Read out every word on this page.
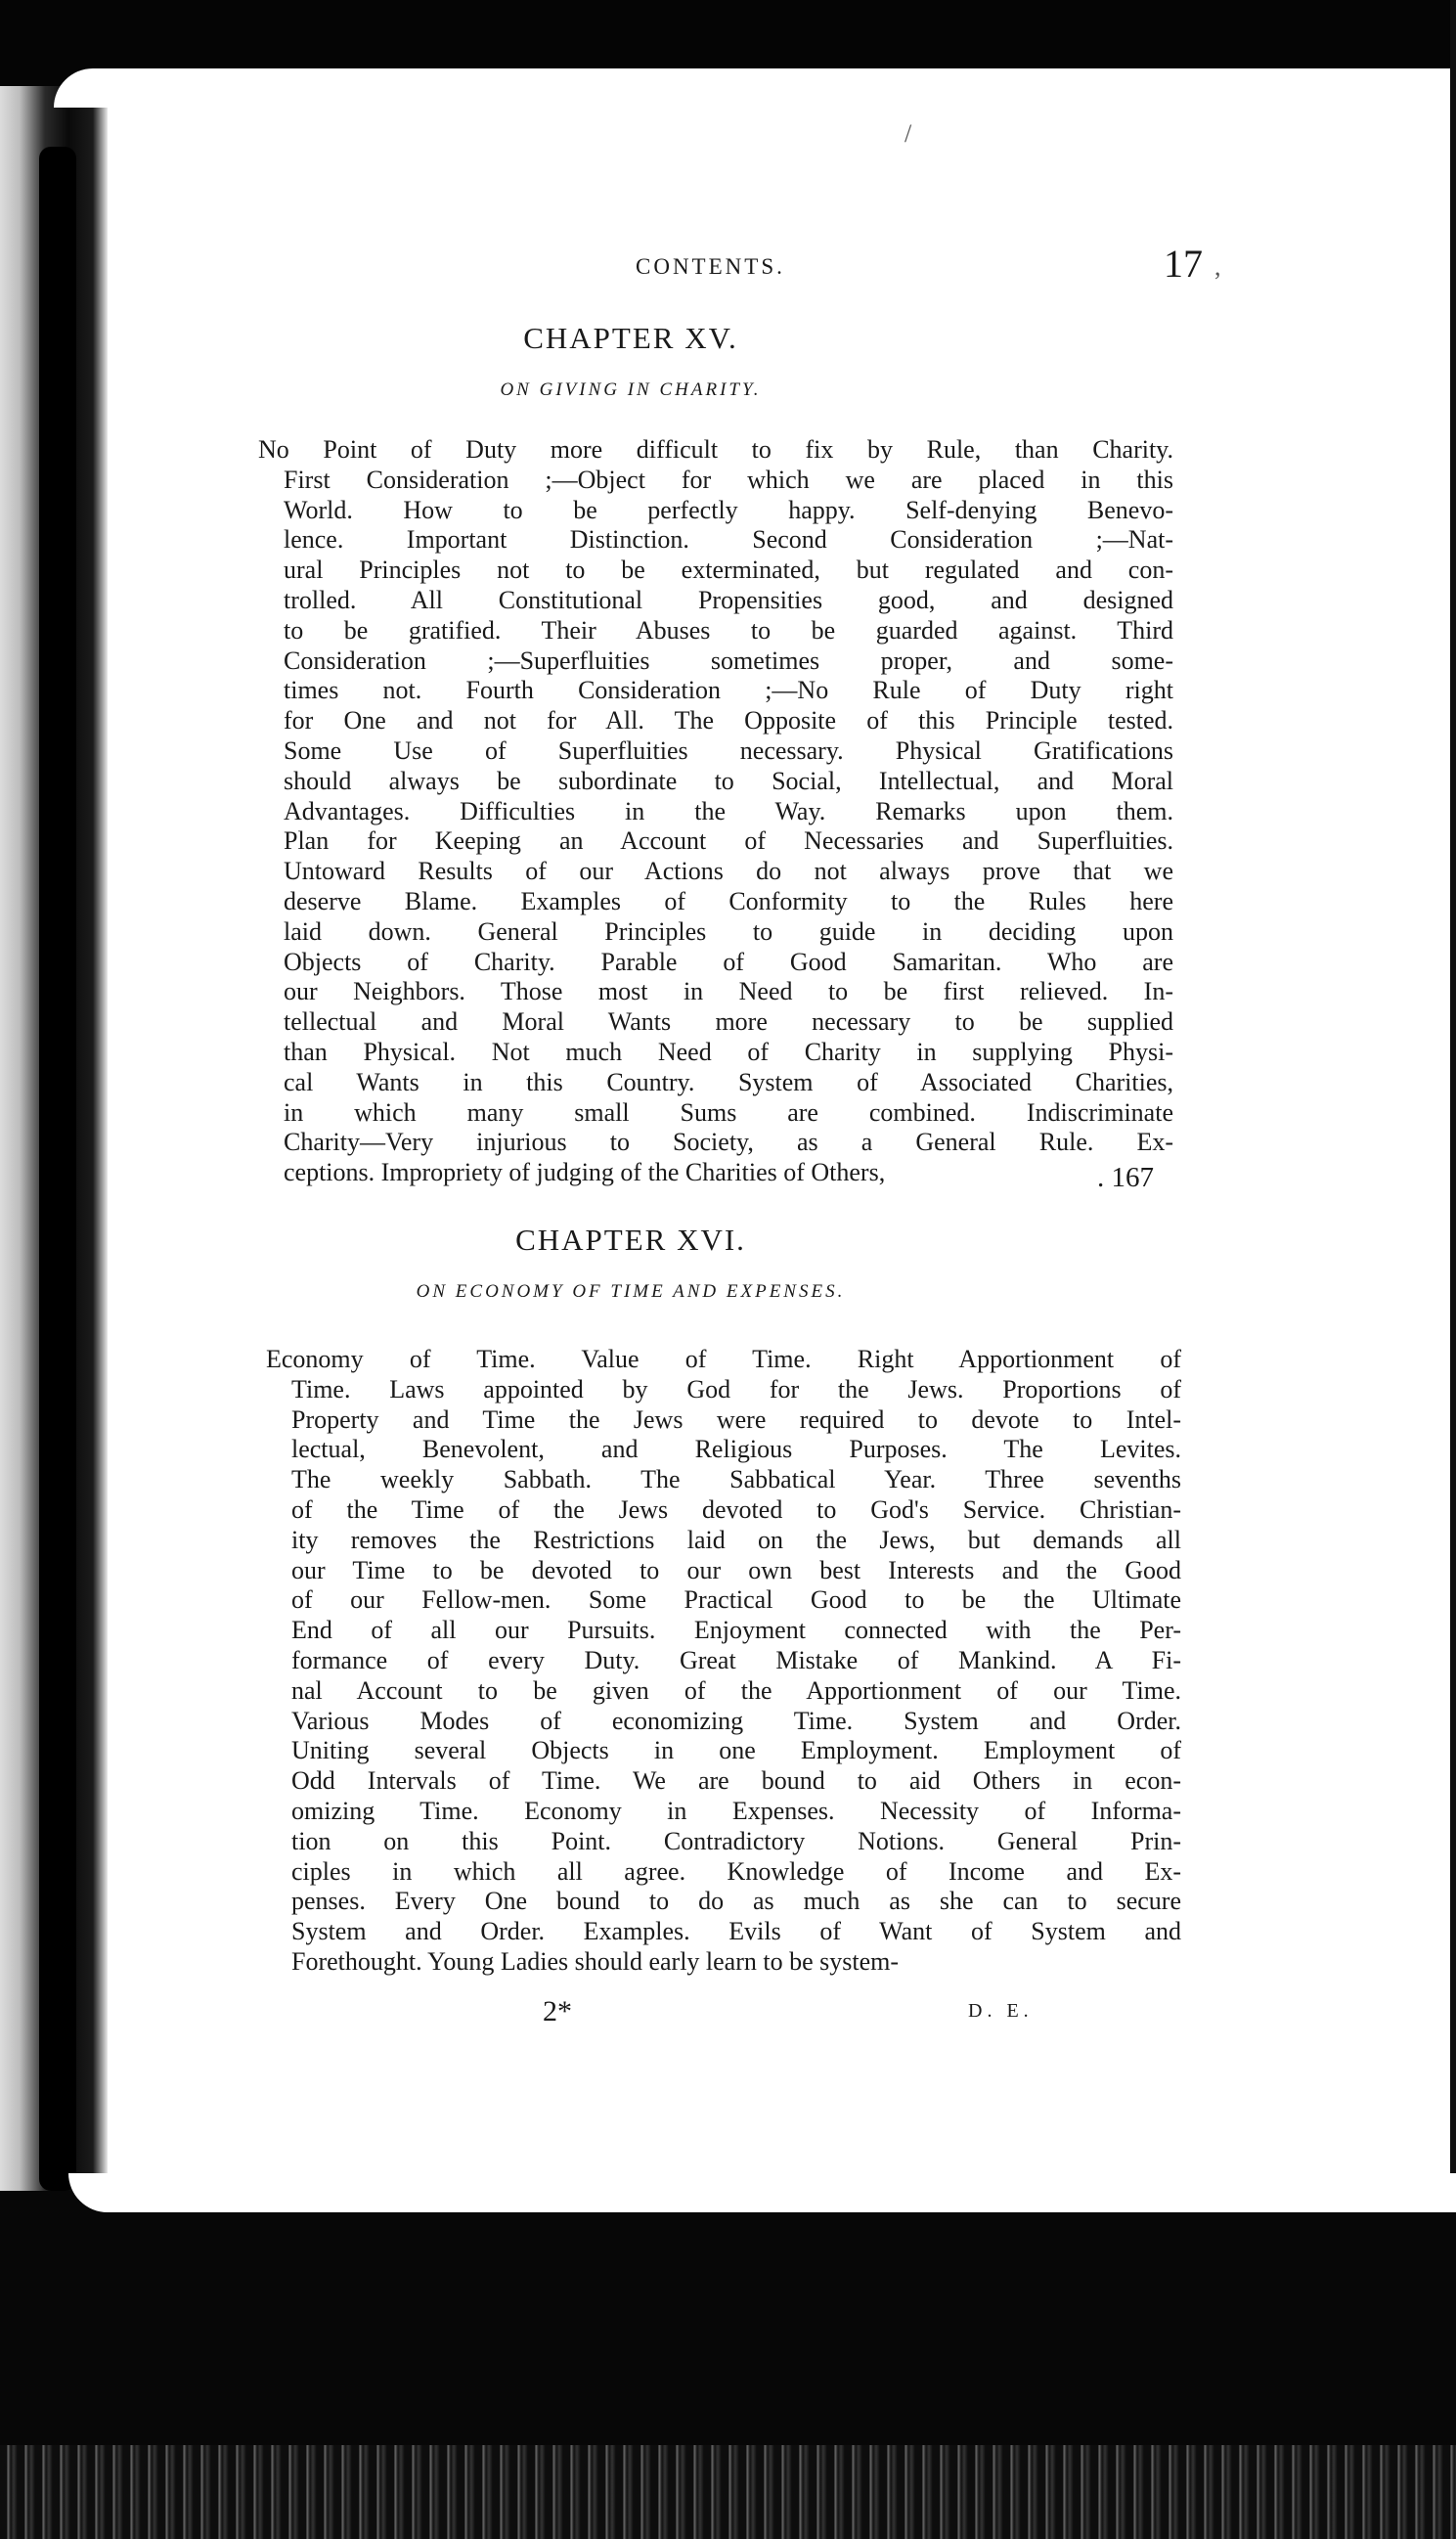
/
,
CONTENTS.	17
CHAPTER XV.
ON GIVING IN CHARITY.
No Point of Duty more difficult to fix by Rule, than Charity.
First Consideration ;—Object for which we are placed in this
World. How to be perfectly happy. Self-denying Benevo-
lence. Important Distinction. Second Consideration ;—Nat-
ural Principles not to be exterminated, but regulated and con-
trolled. All Constitutional Propensities good, and designed
to be gratified. Their Abuses to be guarded against. Third
Consideration ;—Superfluities sometimes proper, and some-
times not. Fourth Consideration ;—No Rule of Duty right
for One and not for All. The Opposite of this Principle tested.
Some Use of Superfluities necessary. Physical Gratifications
should always be subordinate to Social, Intellectual, and Moral
Advantages. Difficulties in the Way. Remarks upon them.
Plan for Keeping an Account of Necessaries and Superfluities.
Untoward Results of our Actions do not always prove that we
deserve Blame. Examples of Conformity to the Rules here
laid down. General Principles to guide in deciding upon
Objects of Charity. Parable of Good Samaritan. Who are
our Neighbors. Those most in Need to be first relieved. In-
tellectual and Moral Wants more necessary to be supplied
than Physical. Not much Need of Charity in supplying Physi-
cal Wants in this Country. System of Associated Charities,
in which many small Sums are combined. Indiscriminate
Charity—Very injurious to Society, as a General Rule. Ex-
ceptions. Impropriety of judging of the Charities of Others,	. 167
CHAPTER XVI.
ON ECONOMY OF TIME AND EXPENSES.
Economy of Time. Value of Time. Right Apportionment of
Time. Laws appointed by God for the Jews. Proportions of
Property and Time the Jews were required to devote to Intel-
lectual, Benevolent, and Religious Purposes. The Levites.
The weekly Sabbath. The Sabbatical Year. Three sevenths
of the Time of the Jews devoted to God's Service. Christian-
ity removes the Restrictions laid on the Jews, but demands all
our Time to be devoted to our own best Interests and the Good
of our Fellow-men. Some Practical Good to be the Ultimate
End of all our Pursuits. Enjoyment connected with the Per-
formance of every Duty. Great Mistake of Mankind. A Fi-
nal Account to be given of the Apportionment of our Time.
Various Modes of economizing Time. System and Order.
Uniting several Objects in one Employment. Employment of
Odd Intervals of Time. We are bound to aid Others in econ-
omizing Time. Economy in Expenses. Necessity of Informa-
tion on this Point. Contradictory Notions. General Prin-
ciples in which all agree. Knowledge of Income and Ex-
penses. Every One bound to do as much as she can to secure
System and Order. Examples. Evils of Want of System and
Forethought. Young Ladies should early learn to be system-
2*	D. E.
